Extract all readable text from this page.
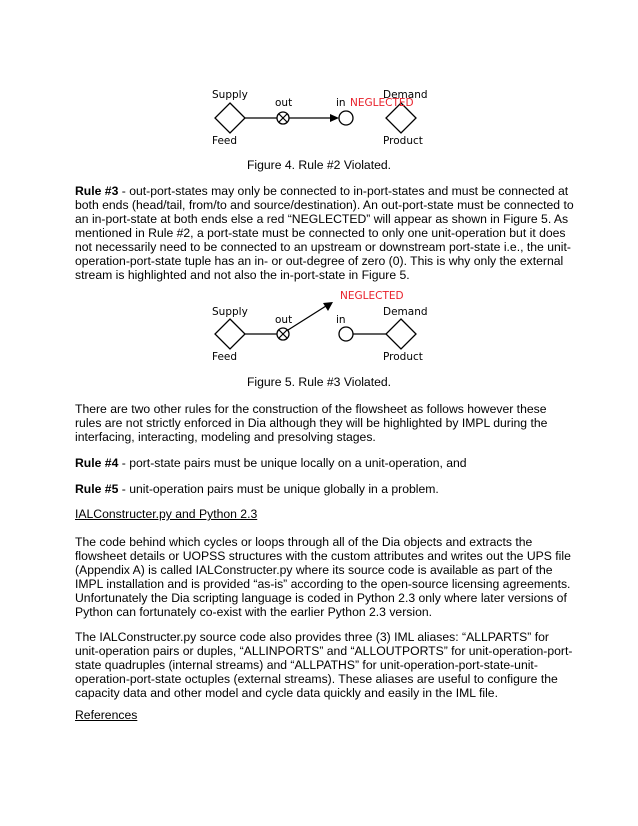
Supply
Feed
out	in
Demand
NEGLECTED
Product
Figure 4. Rule #2 Violated.

Rule #3 - out-port-states may only be connected to in-port-states and must be connected at both ends (head/tail, from/to and source/destination). An out-port-state must be connected to an in-port-state at both ends else a red “NEGLECTED” will appear as shown in Figure 5. As mentioned in Rule #2, a port-state must be connected to only one unit-operation but it does not necessarily need to be connected to an upstream or downstream port-state i.e., the unit-operation-port-state tuple has an in- or out-degree of zero (0). This is why only the external stream is highlighted and not also the in-port-state in Figure 5.

NEGLECTED
Supply
Feed
out	in
Demand
Product
Figure 5. Rule #3 Violated.

There are two other rules for the construction of the flowsheet as follows however these rules are not strictly enforced in Dia although they will be highlighted by IMPL during the interfacing, interacting, modeling and presolving stages.

Rule #4 - port-state pairs must be unique locally on a unit-operation, and

Rule #5 - unit-operation pairs must be unique globally in a problem.

IALConstructer.py and Python 2.3

The code behind which cycles or loops through all of the Dia objects and extracts the flowsheet details or UOPSS structures with the custom attributes and writes out the UPS file (Appendix A) is called IALConstructer.py where its source code is available as part of the IMPL installation and is provided “as-is” according to the open-source licensing agreements. Unfortunately the Dia scripting language is coded in Python 2.3 only where later versions of Python can fortunately co-exist with the earlier Python 2.3 version.

The IALConstructer.py source code also provides three (3) IML aliases: “ALLPARTS” for unit-operation pairs or duples, “ALLINPORTS” and “ALLOUTPORTS” for unit-operation-port-state quadruples (internal streams) and “ALLPATHS” for unit-operation-port-state-unit-operation-port-state octuples (external streams). These aliases are useful to configure the capacity data and other model and cycle data quickly and easily in the IML file.

References
